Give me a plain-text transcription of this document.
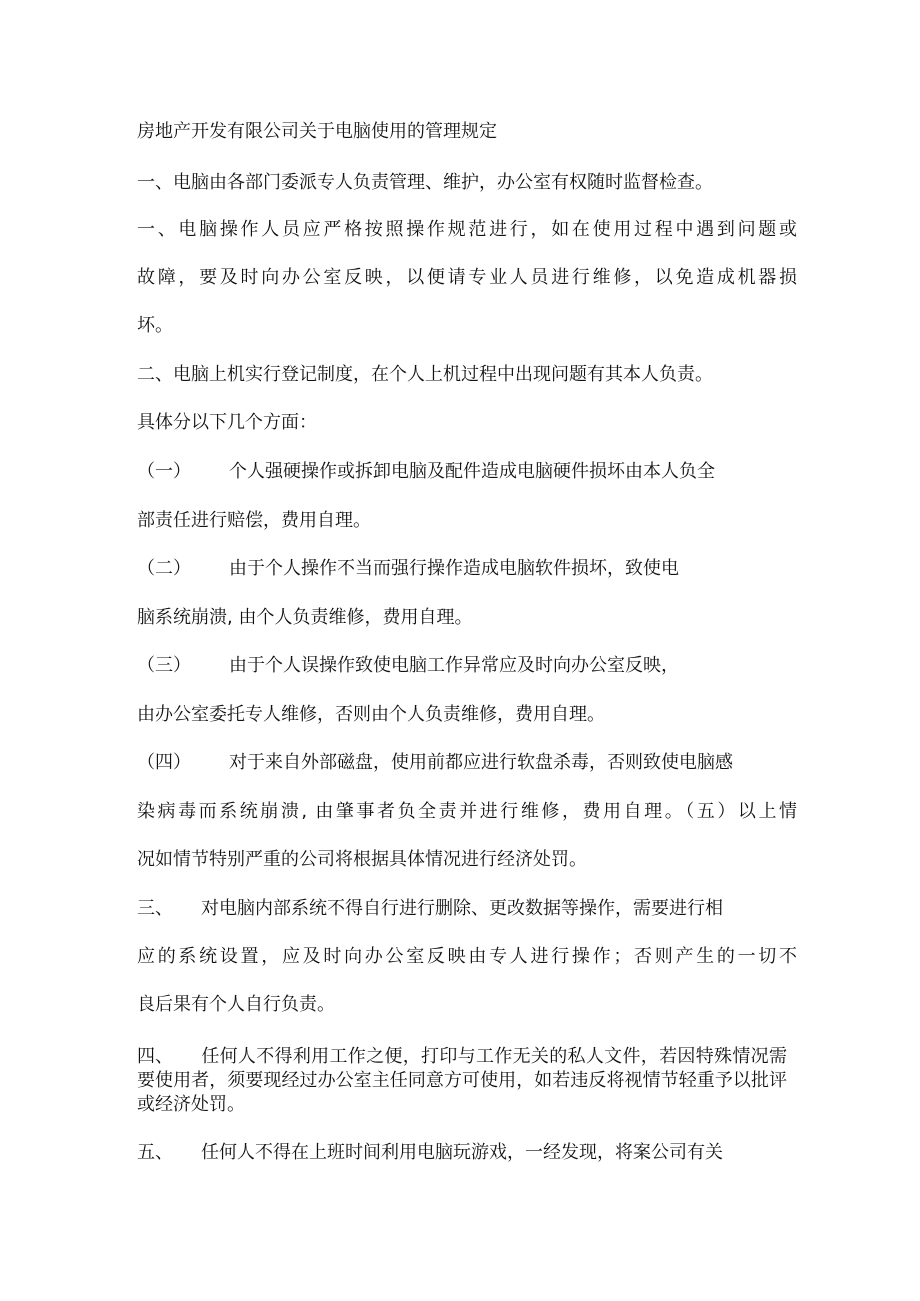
房地产开发有限公司关于电脑使用的管理规定
一、电脑由各部门委派专人负责管理、维护，办公室有权随时监督检查。
一、电脑操作人员应严格按照操作规范进行，如在使用过程中遇到问题或
故障，要及时向办公室反映，以便请专业人员进行维修，以免造成机器损
坏。
二、电脑上机实行登记制度，在个人上机过程中出现问题有其本人负责。
具体分以下几个方面：
（一） 个人强硬操作或拆卸电脑及配件造成电脑硬件损坏由本人负全
部责任进行赔偿，费用自理。
（二） 由于个人操作不当而强行操作造成电脑软件损坏，致使电
脑系统崩溃, 由个人负责维修，费用自理。
（三） 由于个人误操作致使电脑工作异常应及时向办公室反映，
由办公室委托专人维修，否则由个人负责维修，费用自理。
（四） 对于来自外部磁盘，使用前都应进行软盘杀毒，否则致使电脑感
染病毒而系统崩溃, 由肇事者负全责并进行维修，费用自理。（五）以上情
况如情节特别严重的公司将根据具体情况进行经济处罚。
三、 对电脑内部系统不得自行进行删除、更改数据等操作，需要进行相
应的系统设置，应及时向办公室反映由专人进行操作；否则产生的一切不
良后果有个人自行负责。
四、 任何人不得利用工作之便，打印与工作无关的私人文件，若因特殊情况需要使用者，须要现经过办公室主任同意方可使用，如若违反将视情节轻重予以批评或经济处罚。
五、 任何人不得在上班时间利用电脑玩游戏，一经发现，将案公司有关
